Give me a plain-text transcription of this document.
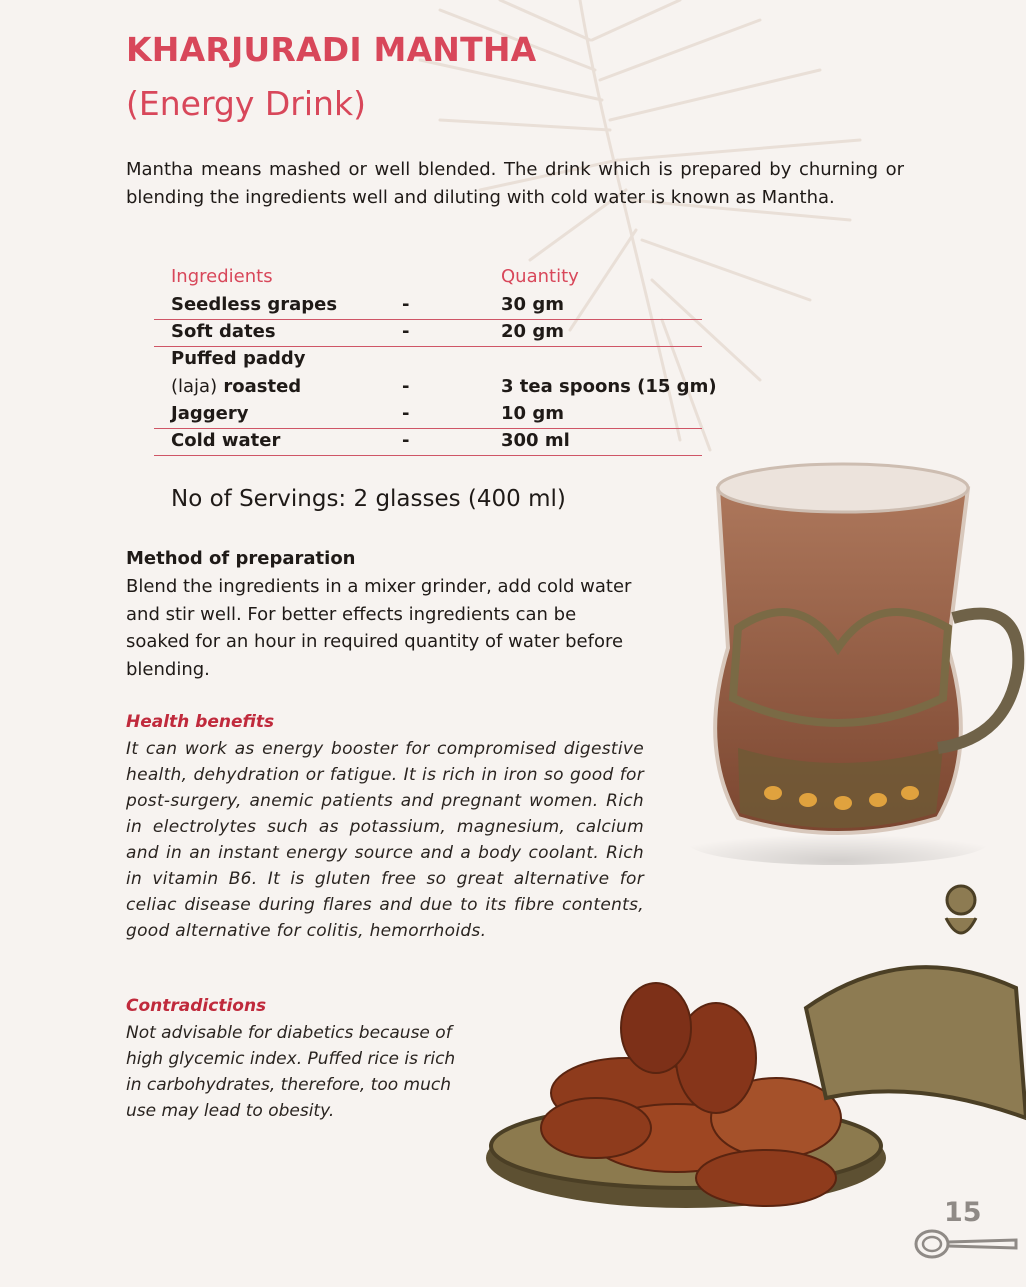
KHARJURADI MANTHA
(Energy Drink)

Mantha means mashed or well blended. The drink which is prepared by churning or blending the ingredients well and diluting with cold water is known as Mantha.

Ingredients	Quantity
Seedless grapes	-	30 gm
Soft dates	-	20 gm
Puffed paddy
(laja) roasted	-	3 tea spoons (15 gm)
Jaggery	-	10 gm
Cold water	-	300 ml

No of Servings: 2 glasses (400 ml)

Method of preparation

Blend the ingredients in a mixer grinder, add cold water and stir well. For better effects ingredients can be soaked for an hour in required quantity of water before blending.

Health benefits

It can work as energy booster for compromised digestive health, dehydration or fatigue. It is rich in iron so good for post-surgery, anemic patients and pregnant women. Rich in electrolytes such as potassium, magnesium, calcium and in an instant energy source and a body coolant. Rich in vitamin B6. It is gluten free so great alternative for celiac disease during flares and due to its fibre contents, good alternative for colitis, hemorrhoids.

Contradictions

Not advisable for diabetics because of high glycemic index. Puffed rice is rich in carbohydrates, therefore, too much use may lead to obesity.

15
